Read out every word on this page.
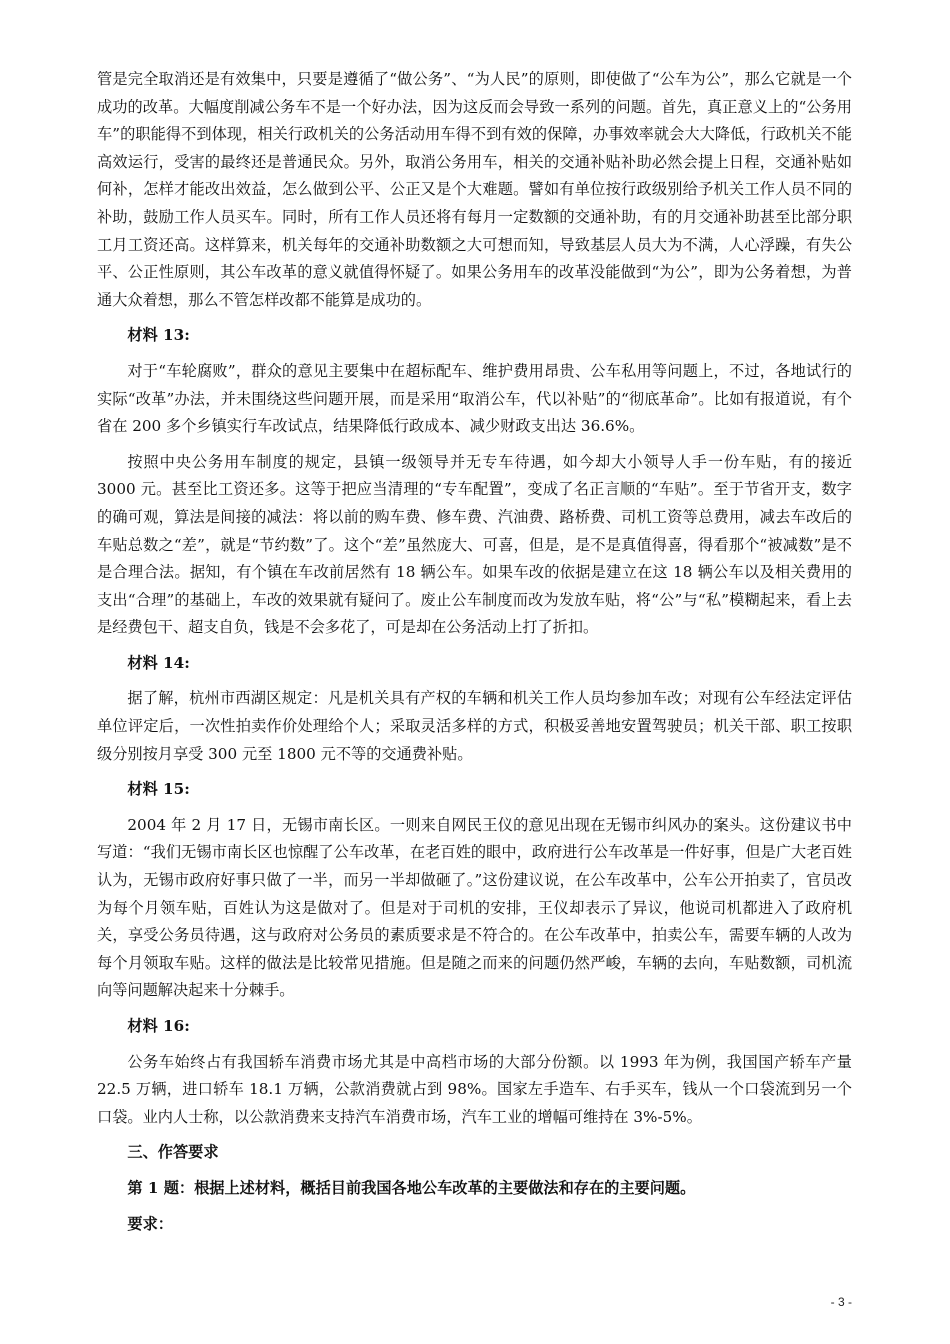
管是完全取消还是有效集中，只要是遵循了“做公务”、“为人民”的原则，即使做了“公车为公”，那么它就是一个成功的改革。大幅度削减公务车不是一个好办法，因为这反而会导致一系列的问题。首先，真正意义上的“公务用车”的职能得不到体现，相关行政机关的公务活动用车得不到有效的保障，办事效率就会大大降低，行政机关不能高效运行，受害的最终还是普通民众。另外，取消公务用车，相关的交通补贴补助必然会提上日程，交通补贴如何补，怎样才能改出效益，怎么做到公平、公正又是个大难题。譬如有单位按行政级别给予机关工作人员不同的补助，鼓励工作人员买车。同时，所有工作人员还将有每月一定数额的交通补助，有的月交通补助甚至比部分职工月工资还高。这样算来，机关每年的交通补助数额之大可想而知，导致基层人员大为不满，人心浮躁，有失公平、公正性原则，其公车改革的意义就值得怀疑了。如果公务用车的改革没能做到“为公”，即为公务着想，为普通大众着想，那么不管怎样改都不能算是成功的。

材料 13:

对于“车轮腐败”，群众的意见主要集中在超标配车、维护费用昂贵、公车私用等问题上，不过，各地试行的实际“改革”办法，并未围绕这些问题开展，而是采用“取消公车，代以补贴”的“彻底革命”。比如有报道说，有个省在 200 多个乡镇实行车改试点，结果降低行政成本、减少财政支出达 36.6%。

按照中央公务用车制度的规定，县镇一级领导并无专车待遇，如今却大小领导人手一份车贴，有的接近 3000 元。甚至比工资还多。这等于把应当清理的“专车配置”，变成了名正言顺的“车贴”。至于节省开支，数字的确可观，算法是间接的减法：将以前的购车费、修车费、汽油费、路桥费、司机工资等总费用，减去车改后的车贴总数之“差”，就是“节约数”了。这个“差”虽然庞大、可喜，但是，是不是真值得喜，得看那个“被减数”是不是合理合法。据知，有个镇在车改前居然有 18 辆公车。如果车改的依据是建立在这 18 辆公车以及相关费用的支出“合理”的基础上，车改的效果就有疑问了。废止公车制度而改为发放车贴，将“公”与“私”模糊起来，看上去是经费包干、超支自负，钱是不会多花了，可是却在公务活动上打了折扣。

材料 14:

据了解，杭州市西湖区规定：凡是机关具有产权的车辆和机关工作人员均参加车改；对现有公车经法定评估单位评定后，一次性拍卖作价处理给个人；采取灵活多样的方式，积极妥善地安置驾驶员；机关干部、职工按职级分别按月享受 300 元至 1800 元不等的交通费补贴。

材料 15:

2004 年 2 月 17 日，无锡市南长区。一则来自网民王仪的意见出现在无锡市纠风办的案头。这份建议书中写道：“我们无锡市南长区也惊醒了公车改革，在老百姓的眼中，政府进行公车改革是一件好事，但是广大老百姓认为，无锡市政府好事只做了一半，而另一半却做砸了。”这份建议说，在公车改革中，公车公开拍卖了，官员改为每个月领车贴，百姓认为这是做对了。但是对于司机的安排，王仪却表示了异议，他说司机都进入了政府机关，享受公务员待遇，这与政府对公务员的素质要求是不符合的。在公车改革中，拍卖公车，需要车辆的人改为每个月领取车贴。这样的做法是比较常见措施。但是随之而来的问题仍然严峻，车辆的去向，车贴数额，司机流向等问题解决起来十分棘手。

材料 16:

公务车始终占有我国轿车消费市场尤其是中高档市场的大部分份额。以 1993 年为例，我国国产轿车产量 22.5 万辆，进口轿车 18.1 万辆，公款消费就占到 98%。国家左手造车、右手买车，钱从一个口袋流到另一个口袋。业内人士称，以公款消费来支持汽车消费市场，汽车工业的增幅可维持在 3%-5%。

三、作答要求

第 1 题：根据上述材料，概括目前我国各地公车改革的主要做法和存在的主要问题。

要求：

- 3 -
